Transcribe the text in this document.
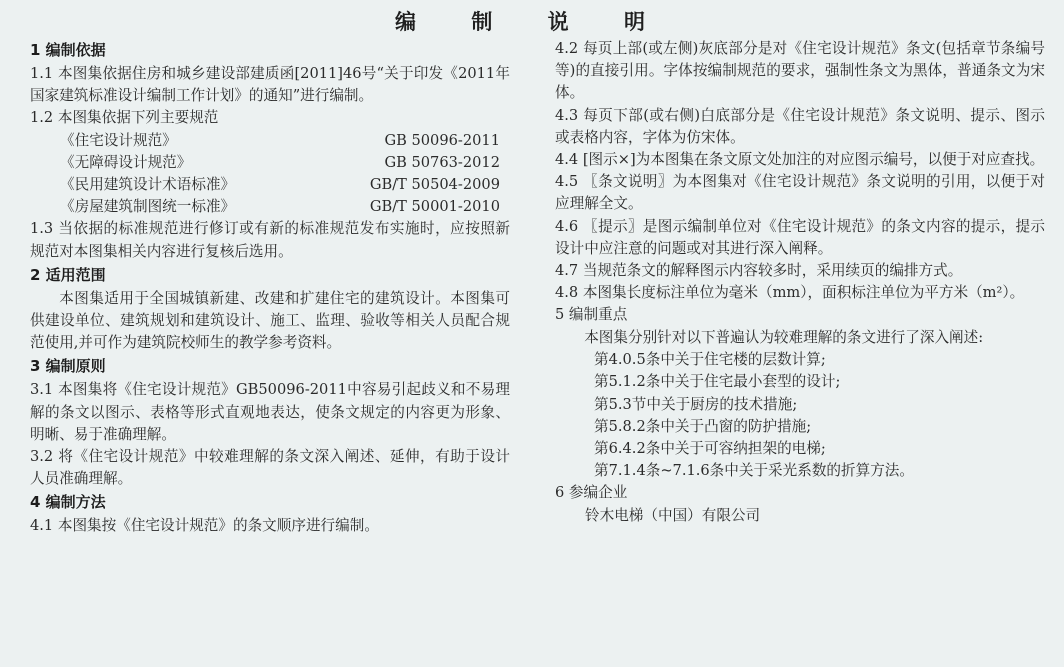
编 制 说 明
1 编制依据

1.1 本图集依据住房和城乡建设部建质函[2011]46号“关于印发《2011年国家建筑标准设计编制工作计划》的通知”进行编制。

1.2 本图集依据下列主要规范

《住宅设计规范》	GB 50096-2011
《无障碍设计规范》	GB 50763-2012
《民用建筑设计术语标准》	GB/T 50504-2009
《房屋建筑制图统一标准》	GB/T 50001-2010

1.3 当依据的标准规范进行修订或有新的标准规范发布实施时，应按照新规范对本图集相关内容进行复核后选用。

2 适用范围

本图集适用于全国城镇新建、改建和扩建住宅的建筑设计。本图集可供建设单位、建筑规划和建筑设计、施工、监理、验收等相关人员配合规范使用,并可作为建筑院校师生的教学参考资料。

3 编制原则

3.1 本图集将《住宅设计规范》GB50096-2011中容易引起歧义和不易理解的条文以图示、表格等形式直观地表达，使条文规定的内容更为形象、明晰、易于准确理解。

3.2 将《住宅设计规范》中较难理解的条文深入阐述、延伸，有助于设计人员准确理解。

4 编制方法

4.1 本图集按《住宅设计规范》的条文顺序进行编制。

4.2 每页上部(或左侧)灰底部分是对《住宅设计规范》条文(包括章节条编号等)的直接引用。字体按编制规范的要求，强制性条文为黑体，普通条文为宋体。

4.3 每页下部(或右侧)白底部分是《住宅设计规范》条文说明、提示、图示或表格内容，字体为仿宋体。

4.4 [图示×]为本图集在条文原文处加注的对应图示编号，以便于对应查找。

4.5 〖条文说明〗为本图集对《住宅设计规范》条文说明的引用，以便于对应理解全文。

4.6 〖提示〗是图示编制单位对《住宅设计规范》的条文内容的提示，提示设计中应注意的问题或对其进行深入阐释。

4.7 当规范条文的解释图示内容较多时，采用续页的编排方式。

4.8 本图集长度标注单位为毫米（mm），面积标注单位为平方米（m²）。

5 编制重点

本图集分别针对以下普遍认为较难理解的条文进行了深入阐述:

第4.0.5条中关于住宅楼的层数计算;
第5.1.2条中关于住宅最小套型的设计;
第5.3节中关于厨房的技术措施;
第5.8.2条中关于凸窗的防护措施;
第6.4.2条中关于可容纳担架的电梯;
第7.1.4条~7.1.6条中关于采光系数的折算方法。
6 参编企业
铃木电梯（中国）有限公司
